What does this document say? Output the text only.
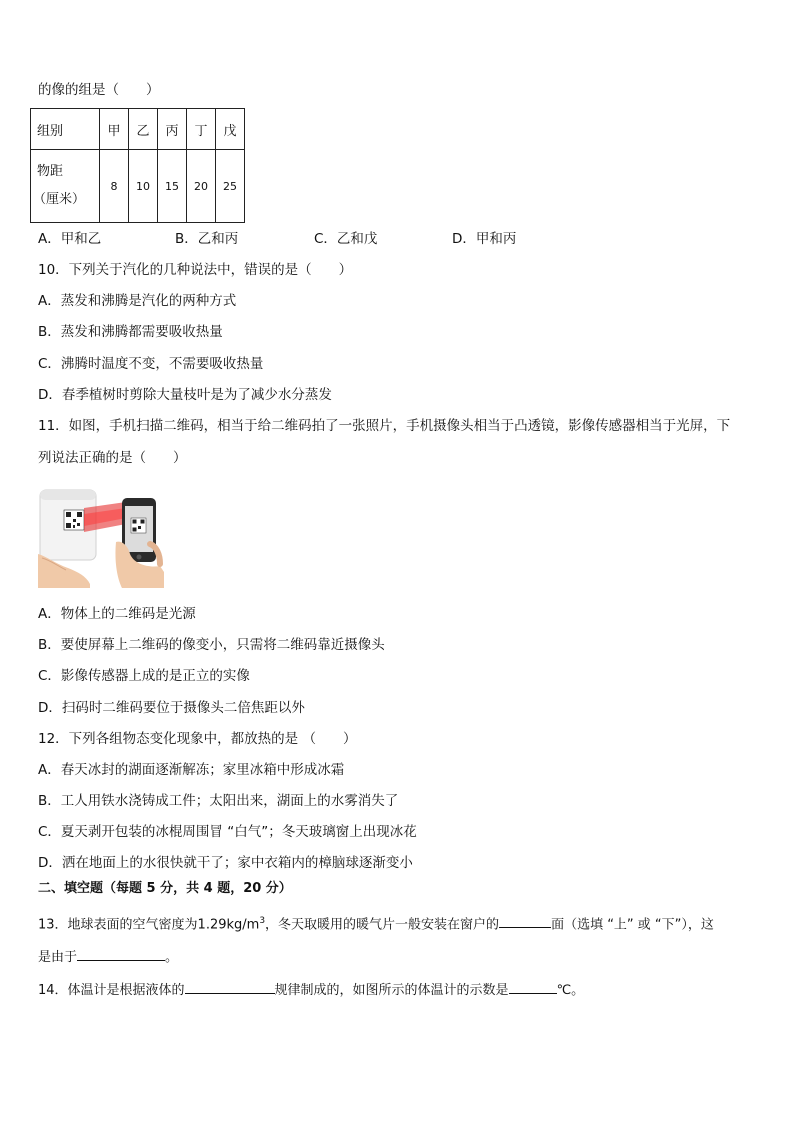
的像的组是（　　）
组别	甲	乙	丙	丁	戊

物距
（厘米）	8	10	15	20	25
A．甲和乙	B．乙和丙	C．乙和戊	D．甲和丙
10．下列关于汽化的几种说法中，错误的是（　　）
A．蒸发和沸腾是汽化的两种方式
B．蒸发和沸腾都需要吸收热量
C．沸腾时温度不变，不需要吸收热量
D．春季植树时剪除大量枝叶是为了减少水分蒸发
11．如图，手机扫描二维码，相当于给二维码拍了一张照片，手机摄像头相当于凸透镜，影像传感器相当于光屏，下
列说法正确的是（　　）
A．物体上的二维码是光源
B．要使屏幕上二维码的像变小，只需将二维码靠近摄像头
C．影像传感器上成的是正立的实像
D．扫码时二维码要位于摄像头二倍焦距以外
12．下列各组物态变化现象中，都放热的是 （　　）
A．春天冰封的湖面逐渐解冻；家里冰箱中形成冰霜
B．工人用铁水浇铸成工件；太阳出来，湖面上的水雾消失了
C．夏天剥开包装的冰棍周围冒 “白气”；冬天玻璃窗上出现冰花
D．洒在地面上的水很快就干了；家中衣箱内的樟脑球逐渐变小
二、填空题（每题 5 分，共 4 题，20 分）
13．地球表面的空气密度为$1.29kg/m^3$，冬天取暖用的暖气片一般安装在窗户的	面（选填 “上” 或 “下”），这
是由于	。
14．体温计是根据液体的	规律制成的，如图所示的体温计的示数是	℃。
